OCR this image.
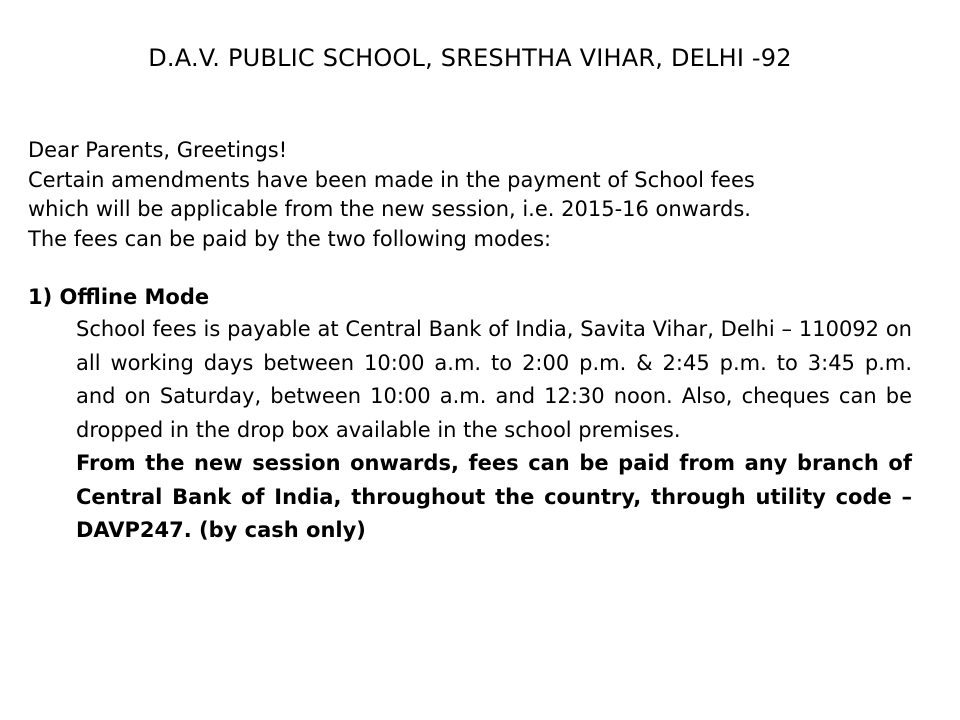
D.A.V. PUBLIC SCHOOL, SRESHTHA VIHAR, DELHI -92
Dear Parents, Greetings!
Certain amendments have been made in the payment of School fees
which will be applicable from the new session, i.e. 2015-16 onwards.
The fees can be paid by the two following modes:
1) Offline Mode

School fees is payable at Central Bank of India, Savita Vihar, Delhi – 110092 on all working days between 10:00 a.m. to 2:00 p.m. & 2:45 p.m. to 3:45 p.m. and on Saturday, between 10:00 a.m. and 12:30 noon. Also, cheques can be dropped in the drop box available in the school premises.

From the new session onwards, fees can be paid from any branch of Central Bank of India, throughout the country, through utility code – DAVP247. (by cash only)
